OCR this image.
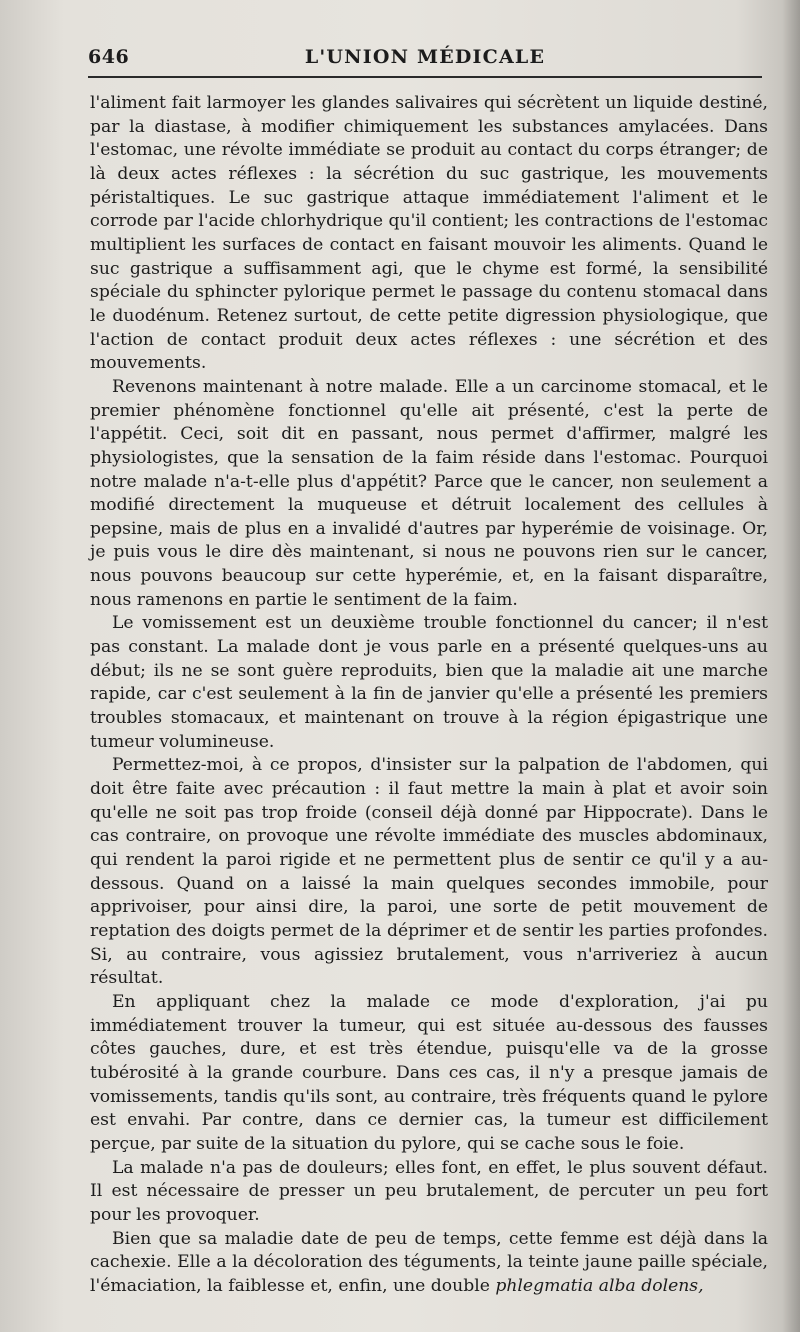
646	L'UNION MÉDICALE

l'aliment fait larmoyer les glandes salivaires qui sécrètent un liquide destiné, par la diastase, à modifier chimiquement les substances amylacées. Dans l'estomac, une révolte immédiate se produit au contact du corps étranger; de là deux actes réflexes : la sécrétion du suc gastrique, les mouvements péristaltiques. Le suc gastrique attaque immédiatement l'aliment et le corrode par l'acide chlorhydrique qu'il contient; les contractions de l'estomac multiplient les surfaces de contact en faisant mouvoir les aliments. Quand le suc gastrique a suffisamment agi, que le chyme est formé, la sensibilité spéciale du sphincter pylorique permet le passage du contenu stomacal dans le duodénum. Retenez surtout, de cette petite digression physiologique, que l'action de contact produit deux actes réflexes : une sécrétion et des mouvements.

Revenons maintenant à notre malade. Elle a un carcinome stomacal, et le premier phénomène fonctionnel qu'elle ait présenté, c'est la perte de l'appétit. Ceci, soit dit en passant, nous permet d'affirmer, malgré les physiologistes, que la sensation de la faim réside dans l'estomac. Pourquoi notre malade n'a-t-elle plus d'appétit? Parce que le cancer, non seulement a modifié directement la muqueuse et détruit localement des cellules à pepsine, mais de plus en a invalidé d'autres par hyperémie de voisinage. Or, je puis vous le dire dès maintenant, si nous ne pouvons rien sur le cancer, nous pouvons beaucoup sur cette hyperémie, et, en la faisant disparaître, nous ramenons en partie le sentiment de la faim.

Le vomissement est un deuxième trouble fonctionnel du cancer; il n'est pas constant. La malade dont je vous parle en a présenté quelques-uns au début; ils ne se sont guère reproduits, bien que la maladie ait une marche rapide, car c'est seulement à la fin de janvier qu'elle a présenté les premiers troubles stomacaux, et maintenant on trouve à la région épigastrique une tumeur volumineuse.

Permettez-moi, à ce propos, d'insister sur la palpation de l'abdomen, qui doit être faite avec précaution : il faut mettre la main à plat et avoir soin qu'elle ne soit pas trop froide (conseil déjà donné par Hippocrate). Dans le cas contraire, on provoque une révolte immédiate des muscles abdominaux, qui rendent la paroi rigide et ne permettent plus de sentir ce qu'il y a au-dessous. Quand on a laissé la main quelques secondes immobile, pour apprivoiser, pour ainsi dire, la paroi, une sorte de petit mouvement de reptation des doigts permet de la déprimer et de sentir les parties profondes. Si, au contraire, vous agissiez brutalement, vous n'arriveriez à aucun résultat.

En appliquant chez la malade ce mode d'exploration, j'ai pu immédiatement trouver la tumeur, qui est située au-dessous des fausses côtes gauches, dure, et est très étendue, puisqu'elle va de la grosse tubérosité à la grande courbure. Dans ces cas, il n'y a presque jamais de vomissements, tandis qu'ils sont, au contraire, très fréquents quand le pylore est envahi. Par contre, dans ce dernier cas, la tumeur est difficilement perçue, par suite de la situation du pylore, qui se cache sous le foie.

La malade n'a pas de douleurs; elles font, en effet, le plus souvent défaut. Il est nécessaire de presser un peu brutalement, de percuter un peu fort pour les provoquer.

Bien que sa maladie date de peu de temps, cette femme est déjà dans la cachexie. Elle a la décoloration des téguments, la teinte jaune paille spéciale, l'émaciation, la faiblesse et, enfin, une double phlegmatia alba dolens,
